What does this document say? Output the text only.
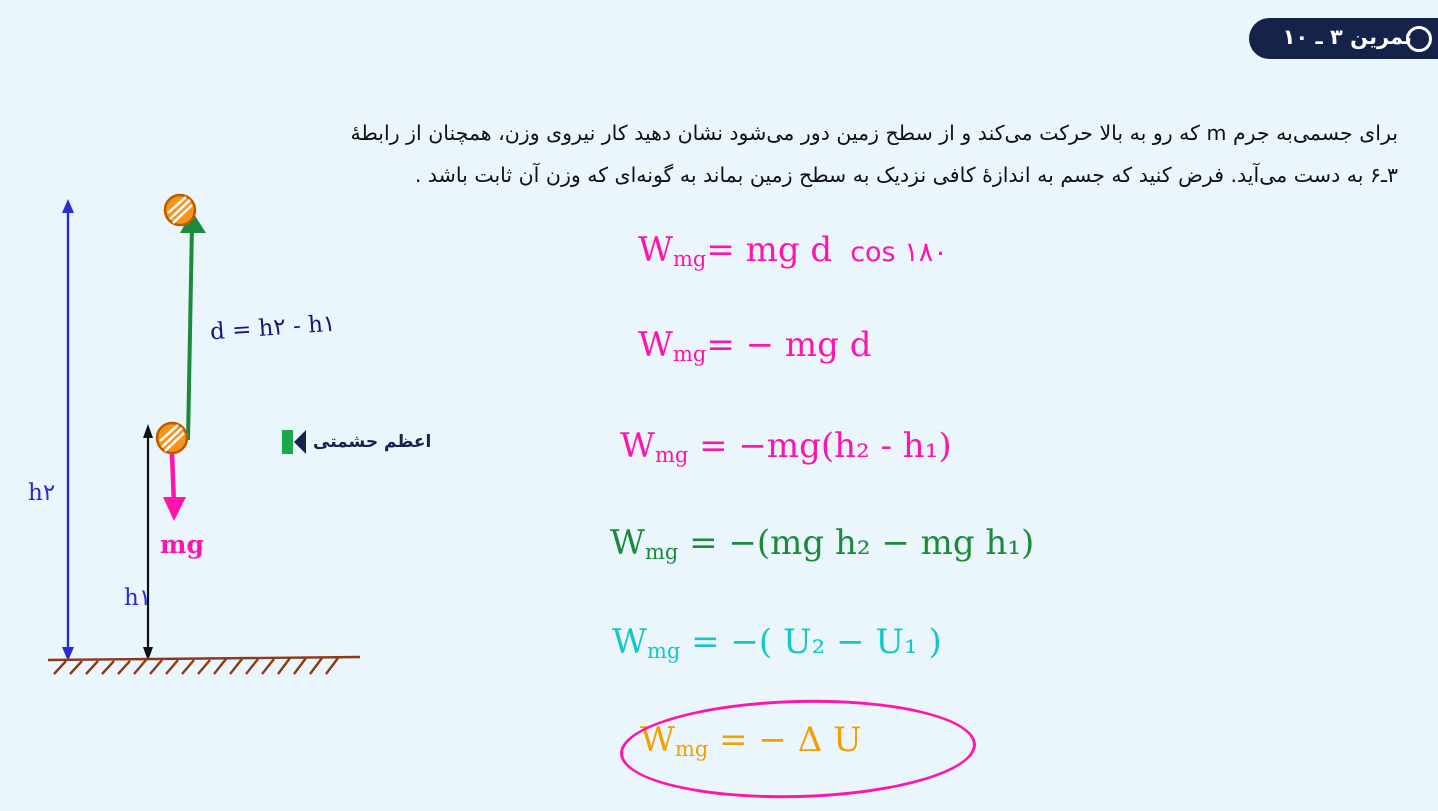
تمرین ۳ ـ ۱۰
برای جسمی‌به جرم m که رو به بالا حرکت می‌کند و از سطح زمین دور می‌شود نشان دهید کار نیروی وزن، همچنان از رابطهٔ
۳ـ۶ به دست می‌آید. فرض کنید که جسم به اندازهٔ کافی نزدیک به سطح زمین بماند به گونه‌ای که وزن آن ثابت باشد .
h۲
h۱
d = h۲ - h۱
mg
اعظم حشمتی
$W_{mg}=$ mg d cos ۱۸۰
$W_{mg}=$ − mg d
$W_{mg} = -mg(h_2 - h_1)$
$W_{mg} = -(mg$ h₂ − mg h₁)
$W_{mg}$ = −( U₂ − U₁ )
$W_{mg}$ = − Δ U
